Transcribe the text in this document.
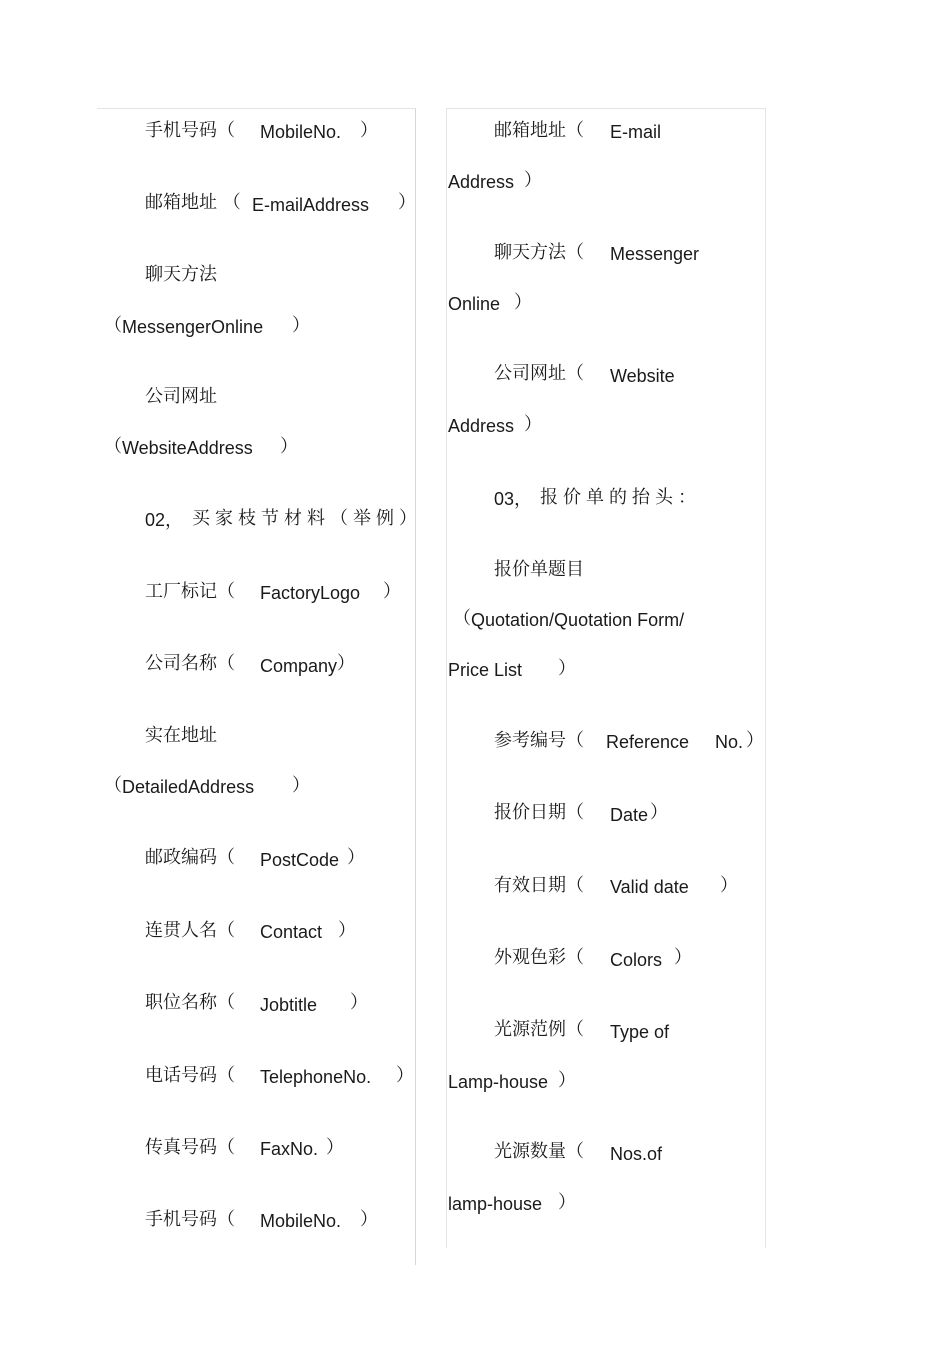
手机号码（ MobileNo. ）
邮箱地址 （ E-mailAddress ）
聊天方法
（ MessengerOnline ）
公司网址
（ WebsiteAddress ）
02， 买家枝节材料（举例）
工厂标记（ FactoryLogo ）
公司名称（ Company ）
实在地址
（ DetailedAddress ）
邮政编码（ PostCode ）
连贯人名（ Contact ）
职位名称（ Jobtitle ）
电话号码（ TelephoneNo. ）
传真号码（ FaxNo. ）
手机号码（ MobileNo. ）
邮箱地址（ E-mail
Address ）
聊天方法（ Messenger
Online ）
公司网址（ Website
Address ）
03， 报价单的抬头：
报价单题目
（ Quotation/Quotation Form/
Price List ）
参考编号（ Reference No. ）
报价日期（ Date ）
有效日期（ Valid date ）
外观色彩（ Colors ）
光源范例（ Type of
Lamp-house ）
光源数量（ Nos.of
lamp-house ）
